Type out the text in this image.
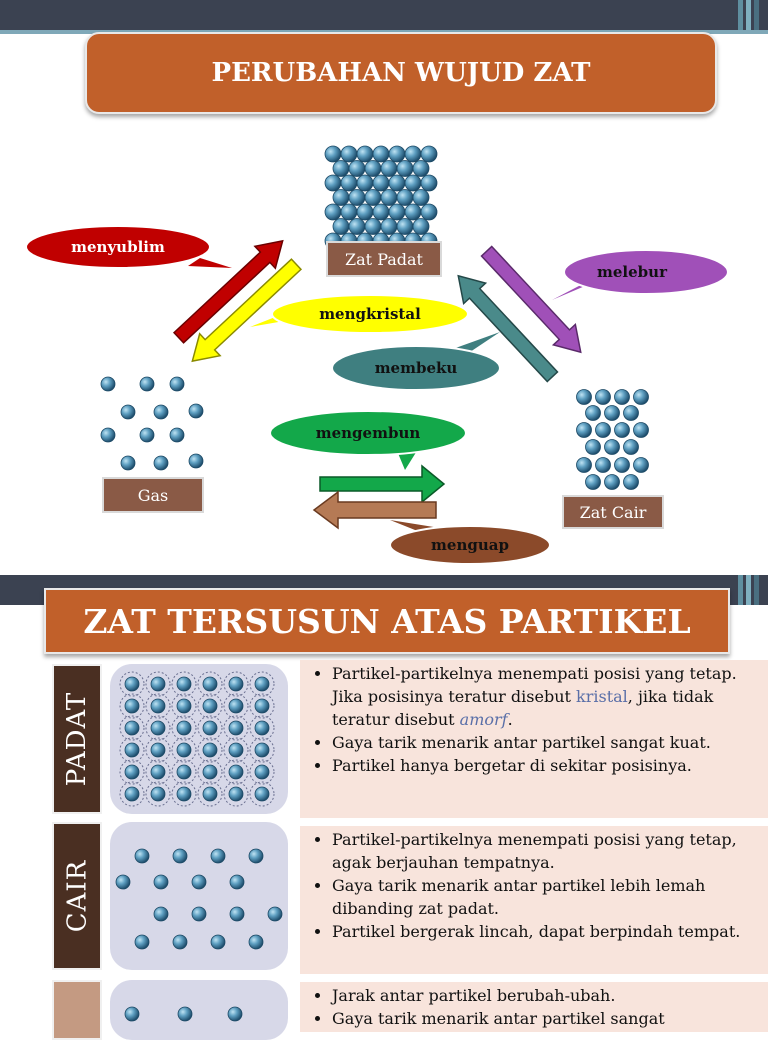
PERUBAHAN WUJUD ZAT
menyublim
mengkristal
melebur
membeku
mengembun
menguap
Zat Padat
Gas
Zat Cair
ZAT TERSUSUN ATAS PARTIKEL
PADAT
• Partikel-partikelnya menempati posisi yang tetap. Jika posisinya teratur disebut kristal, jika tidak teratur disebut amorf.
• Gaya tarik menarik antar partikel sangat kuat.
• Partikel hanya bergetar di sekitar posisinya.
CAIR
• Partikel-partikelnya menempati posisi yang tetap, agak berjauhan tempatnya.
• Gaya tarik menarik antar partikel lebih lemah dibanding zat padat.
• Partikel bergerak lincah, dapat berpindah tempat.
• Jarak antar partikel berubah-ubah.
• Gaya tarik menarik antar partikel sangat
